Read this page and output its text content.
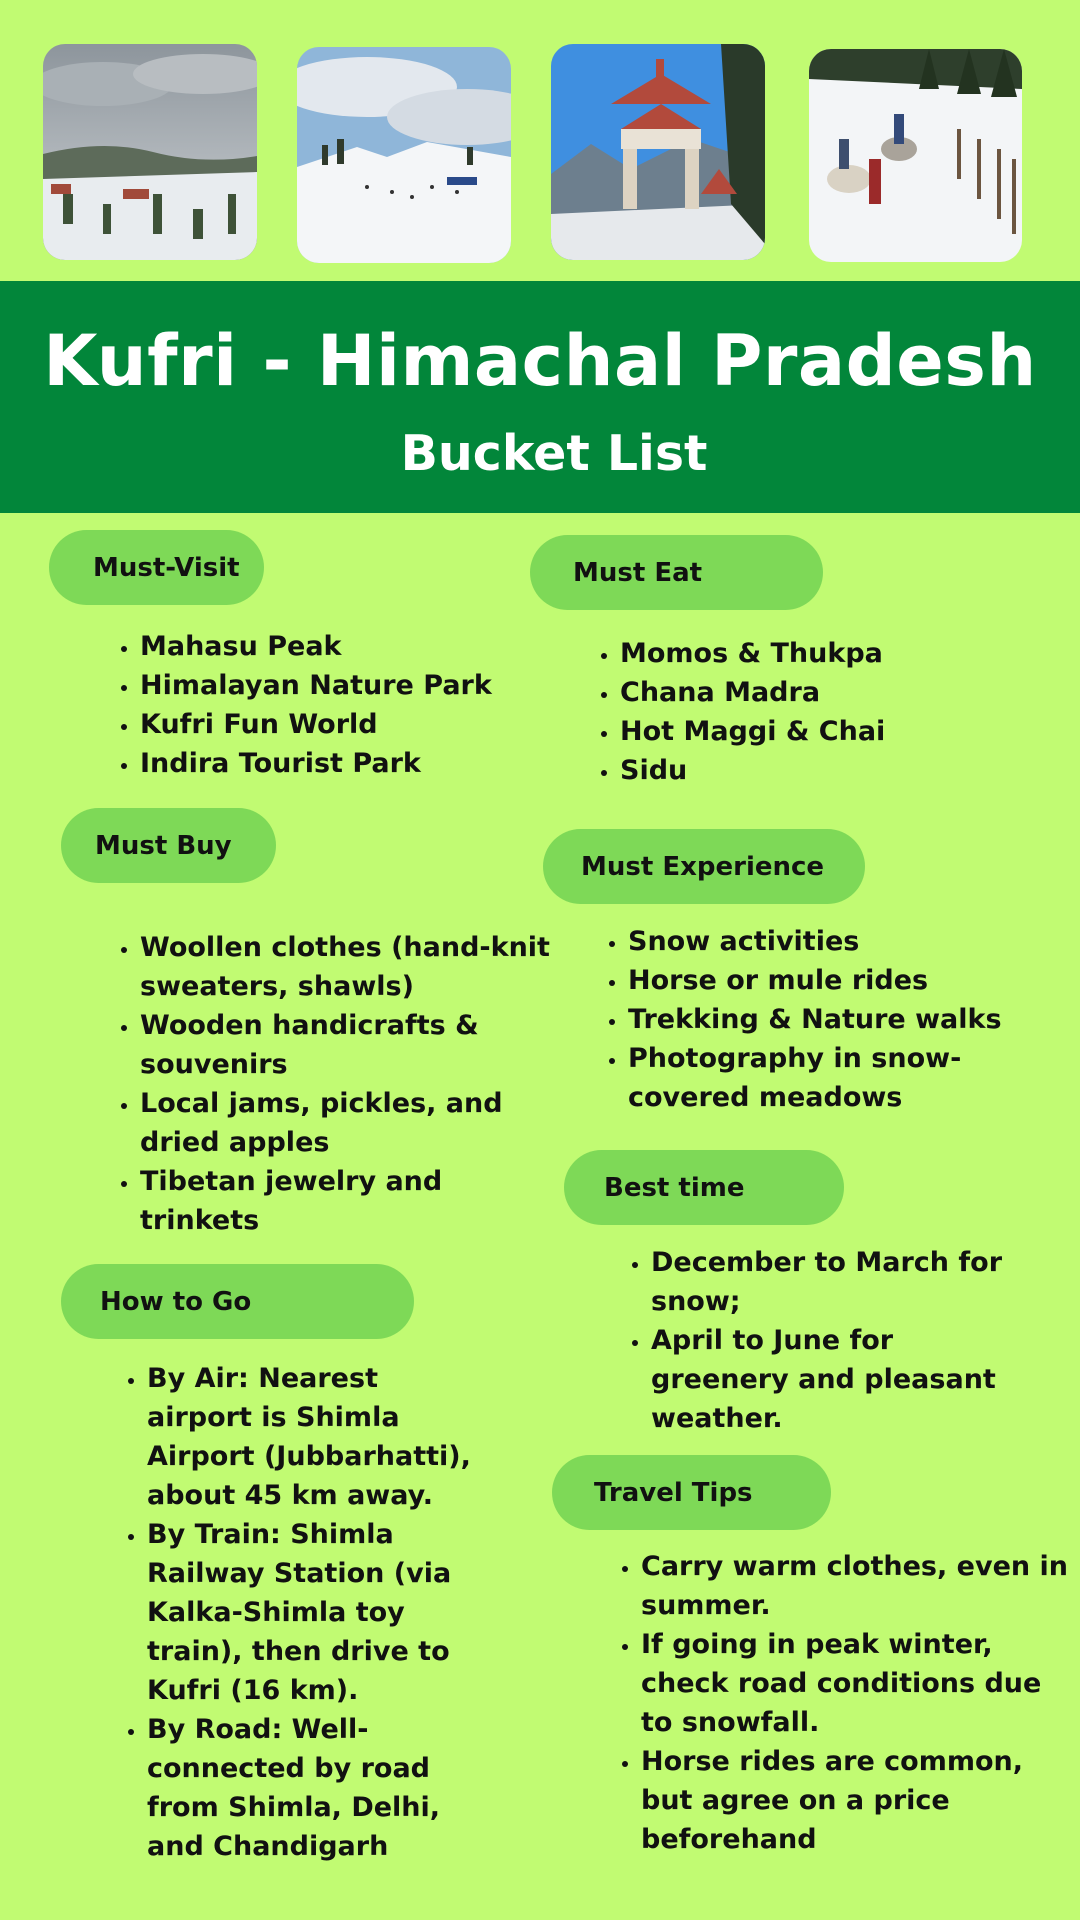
Kufri - Himachal Pradesh
Bucket List
Must-Visit
• Mahasu Peak
• Himalayan Nature Park
• Kufri Fun World
• Indira Tourist Park
Must Eat
• Momos & Thukpa
• Chana Madra
• Hot Maggi & Chai
• Sidu
Must Buy
• Woollen clothes (hand-knit sweaters, shawls)
• Wooden handicrafts & souvenirs
• Local jams, pickles, and dried apples
• Tibetan jewelry and trinkets
Must Experience
• Snow activities
• Horse or mule rides
• Trekking & Nature walks
• Photography in snow-covered meadows
Best time
• December to March for snow;
• April to June for greenery and pleasant weather.
How to Go
• By Air: Nearest airport is Shimla Airport (Jubbarhatti), about 45 km away.
• By Train: Shimla Railway Station (via Kalka-Shimla toy train), then drive to Kufri (16 km).
• By Road: Well-connected by road from Shimla, Delhi, and Chandigarh
Travel Tips
• Carry warm clothes, even in summer.
• If going in peak winter, check road conditions due to snowfall.
• Horse rides are common, but agree on a price beforehand
